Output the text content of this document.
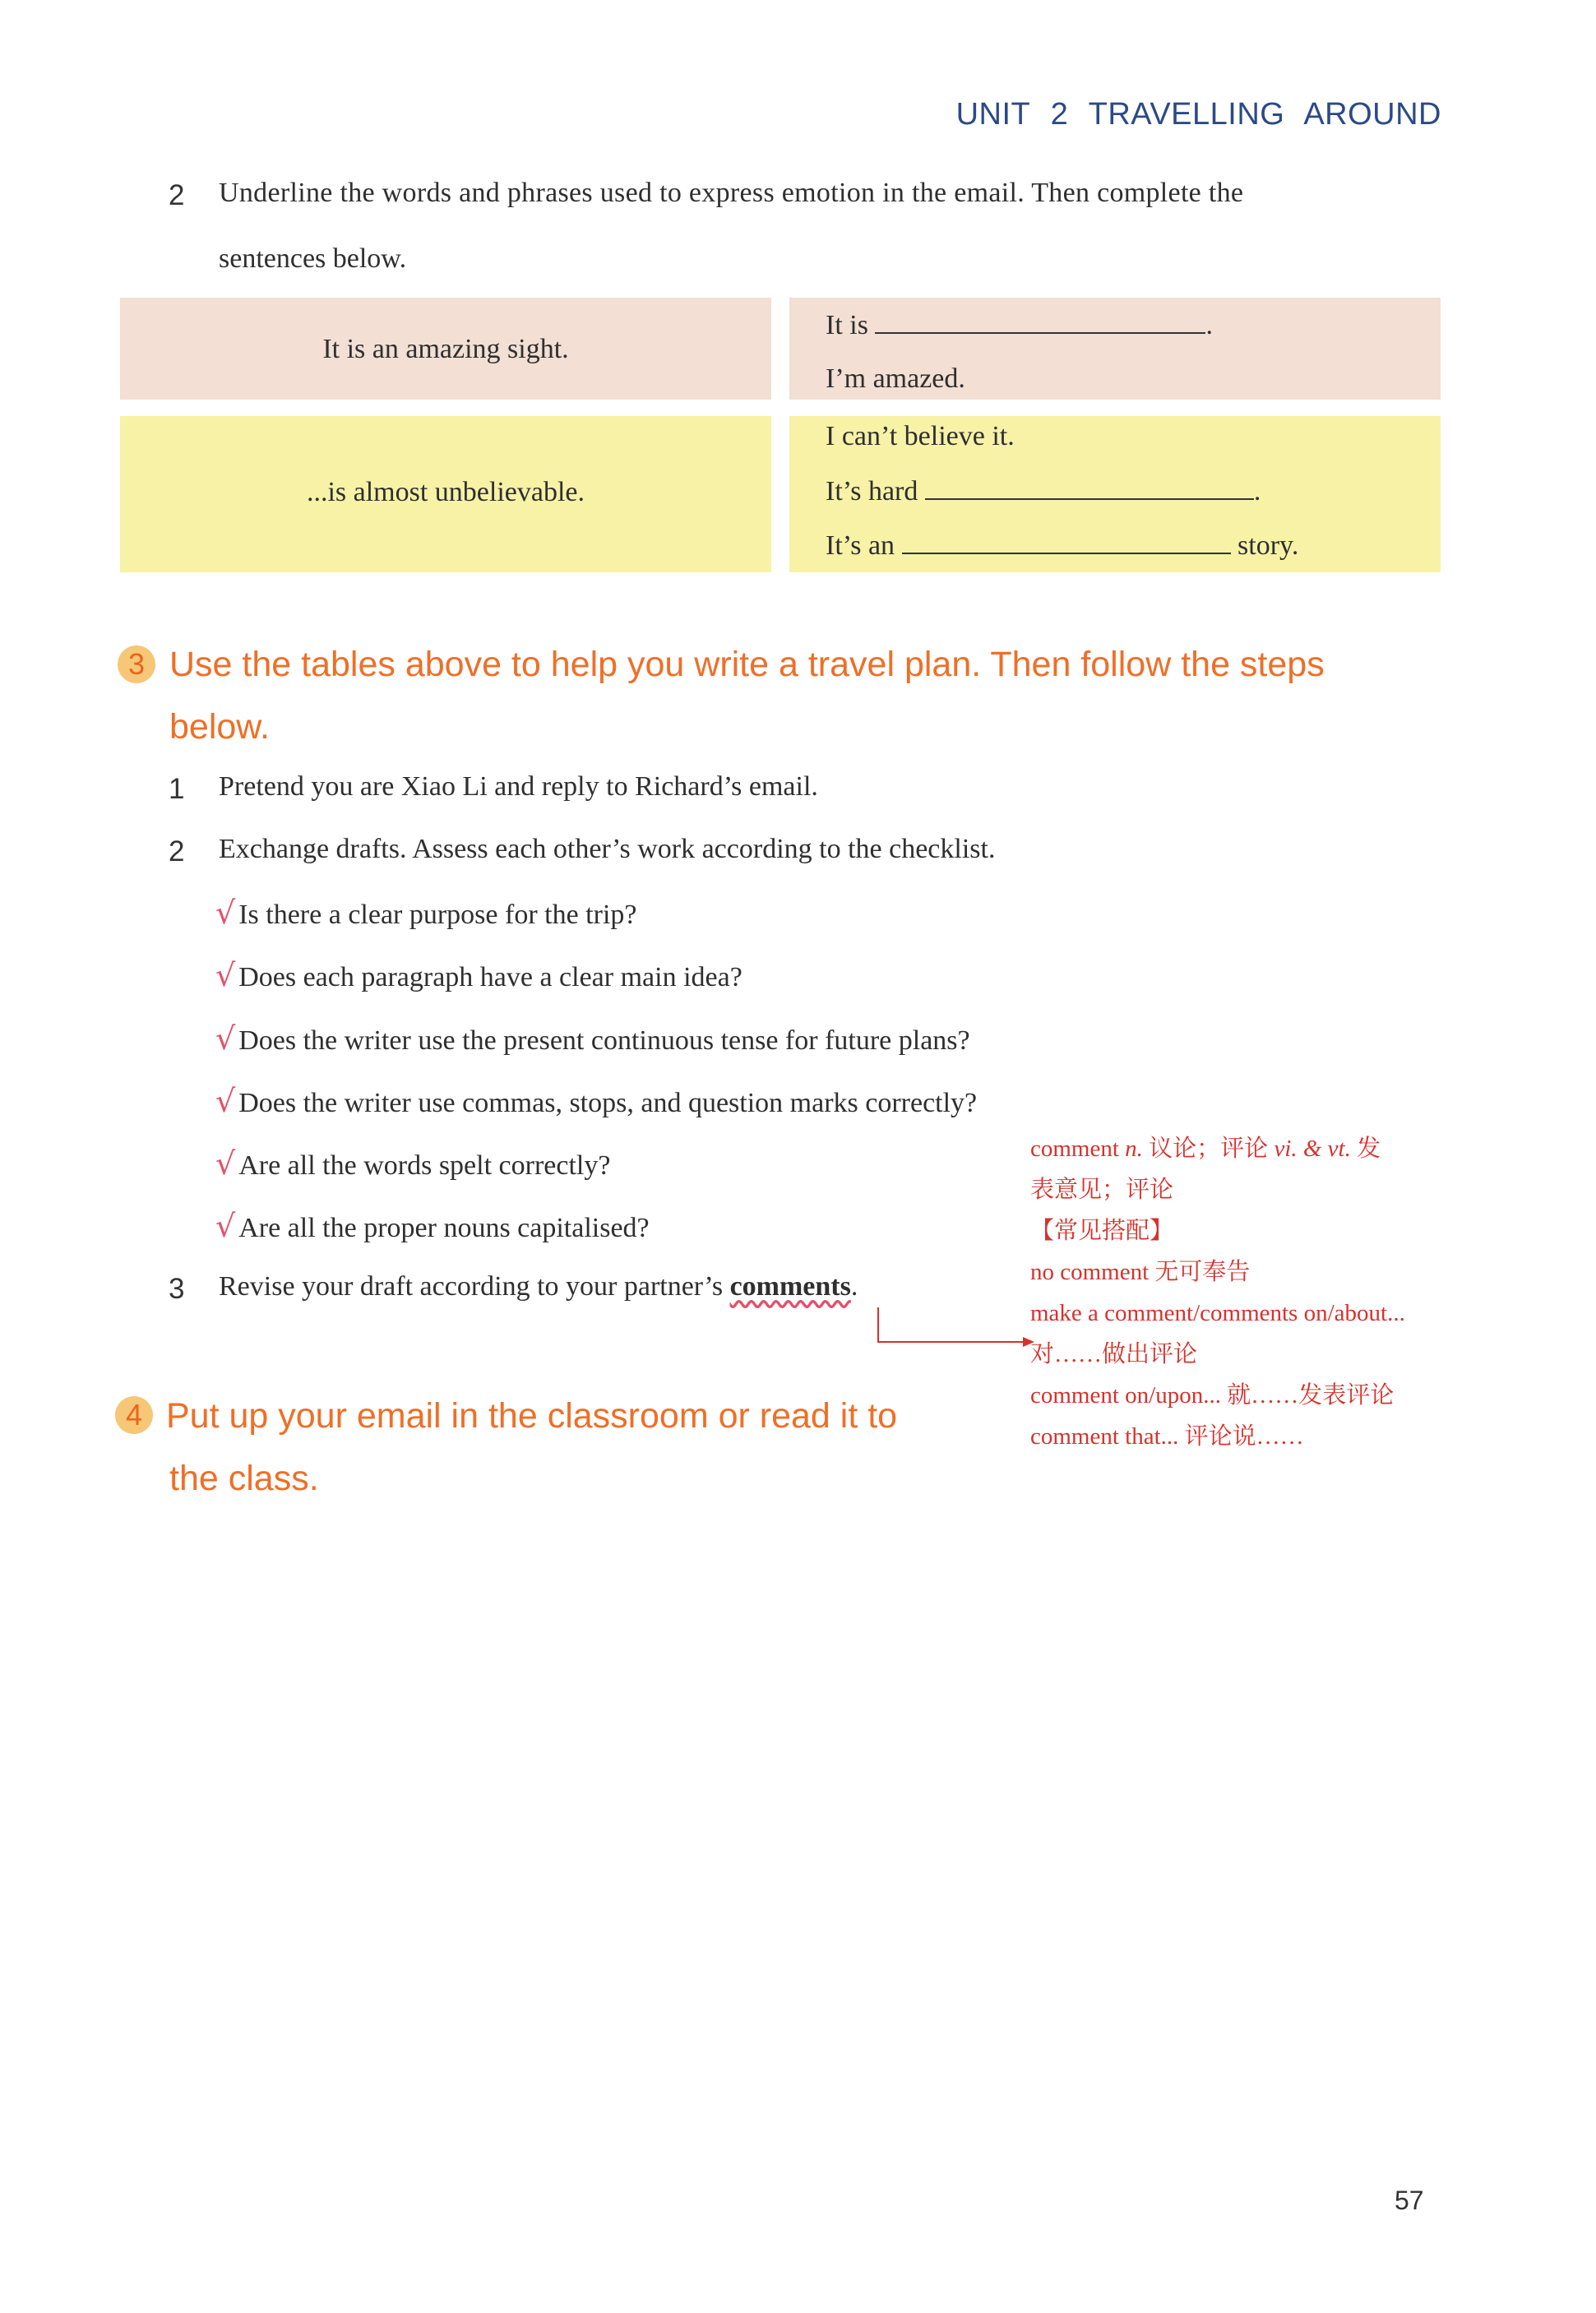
UNIT 2 TRAVELLING AROUND
2 Underline the words and phrases used to express emotion in the email. Then complete the
sentences below.
It is an amazing sight.
It is	.
I’m amazed.
...is almost unbelievable.
I can’t believe it.
It’s hard	.
It’s an	story.
3 Use the tables above to help you write a travel plan. Then follow the steps
below.
1 Pretend you are Xiao Li and reply to Richard’s email.
2 Exchange drafts. Assess each other’s work according to the checklist.
√ Is there a clear purpose for the trip?
√ Does each paragraph have a clear main idea?
√ Does the writer use the present continuous tense for future plans?
√ Does the writer use commas, stops, and question marks correctly?
√ Are all the words spelt correctly?
√ Are all the proper nouns capitalised?
3 Revise your draft according to your partner’s comments.
comment n. 议论；评论 vi. & vt. 发
表意见；评论
【常见搭配】
no comment 无可奉告
make a comment/comments on/about...
对……做出评论
comment on/upon... 就……发表评论
comment that... 评论说……
4 Put up your email in the classroom or read it to
the class.
57
